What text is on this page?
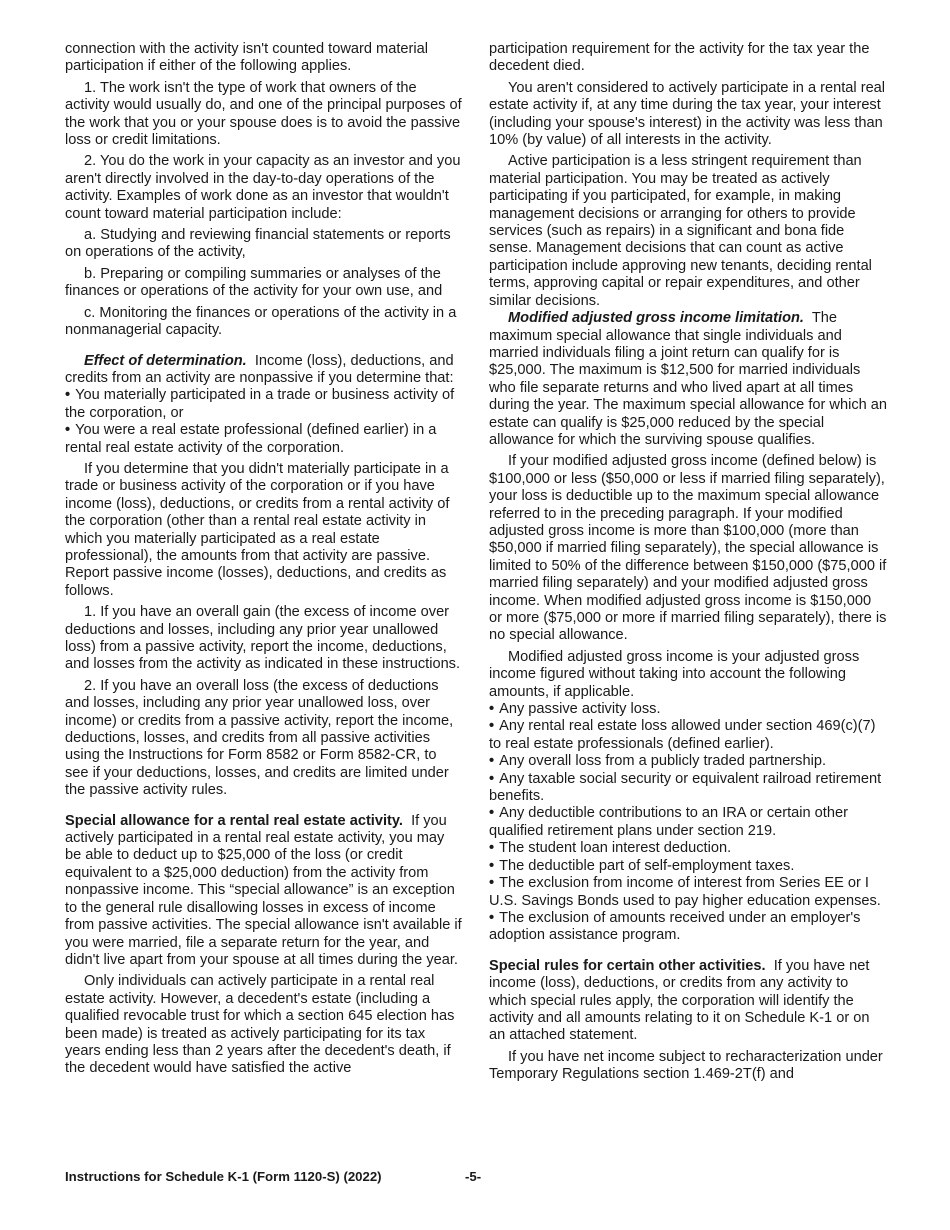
connection with the activity isn't counted toward material participation if either of the following applies.

1. The work isn't the type of work that owners of the activity would usually do, and one of the principal purposes of the work that you or your spouse does is to avoid the passive loss or credit limitations.

2. You do the work in your capacity as an investor and you aren't directly involved in the day-to-day operations of the activity. Examples of work done as an investor that wouldn't count toward material participation include:

a. Studying and reviewing financial statements or reports on operations of the activity,

b. Preparing or compiling summaries or analyses of the finances or operations of the activity for your own use, and

c. Monitoring the finances or operations of the activity in a nonmanagerial capacity.

Effect of determination. Income (loss), deductions, and credits from an activity are nonpassive if you determine that:

• You materially participated in a trade or business activity of the corporation, or

• You were a real estate professional (defined earlier) in a rental real estate activity of the corporation.

If you determine that you didn't materially participate in a trade or business activity of the corporation or if you have income (loss), deductions, or credits from a rental activity of the corporation (other than a rental real estate activity in which you materially participated as a real estate professional), the amounts from that activity are passive. Report passive income (losses), deductions, and credits as follows.

1. If you have an overall gain (the excess of income over deductions and losses, including any prior year unallowed loss) from a passive activity, report the income, deductions, and losses from the activity as indicated in these instructions.

2. If you have an overall loss (the excess of deductions and losses, including any prior year unallowed loss, over income) or credits from a passive activity, report the income, deductions, losses, and credits from all passive activities using the Instructions for Form 8582 or Form 8582-CR, to see if your deductions, losses, and credits are limited under the passive activity rules.

Special allowance for a rental real estate activity. If you actively participated in a rental real estate activity, you may be able to deduct up to $25,000 of the loss (or credit equivalent to a $25,000 deduction) from the activity from nonpassive income. This “special allowance” is an exception to the general rule disallowing losses in excess of income from passive activities. The special allowance isn't available if you were married, file a separate return for the year, and didn't live apart from your spouse at all times during the year.

Only individuals can actively participate in a rental real estate activity. However, a decedent's estate (including a qualified revocable trust for which a section 645 election has been made) is treated as actively participating for its tax years ending less than 2 years after the decedent's death, if the decedent would have satisfied the active

participation requirement for the activity for the tax year the decedent died.

You aren't considered to actively participate in a rental real estate activity if, at any time during the tax year, your interest (including your spouse's interest) in the activity was less than 10% (by value) of all interests in the activity.

Active participation is a less stringent requirement than material participation. You may be treated as actively participating if you participated, for example, in making management decisions or arranging for others to provide services (such as repairs) in a significant and bona fide sense. Management decisions that can count as active participation include approving new tenants, deciding rental terms, approving capital or repair expenditures, and other similar decisions.

Modified adjusted gross income limitation. The maximum special allowance that single individuals and married individuals filing a joint return can qualify for is $25,000. The maximum is $12,500 for married individuals who file separate returns and who lived apart at all times during the year. The maximum special allowance for which an estate can qualify is $25,000 reduced by the special allowance for which the surviving spouse qualifies.

If your modified adjusted gross income (defined below) is $100,000 or less ($50,000 or less if married filing separately), your loss is deductible up to the maximum special allowance referred to in the preceding paragraph. If your modified adjusted gross income is more than $100,000 (more than $50,000 if married filing separately), the special allowance is limited to 50% of the difference between $150,000 ($75,000 if married filing separately) and your modified adjusted gross income. When modified adjusted gross income is $150,000 or more ($75,000 or more if married filing separately), there is no special allowance.

Modified adjusted gross income is your adjusted gross income figured without taking into account the following amounts, if applicable.

• Any passive activity loss.

• Any rental real estate loss allowed under section 469(c)(7) to real estate professionals (defined earlier).

• Any overall loss from a publicly traded partnership.

• Any taxable social security or equivalent railroad retirement benefits.

• Any deductible contributions to an IRA or certain other qualified retirement plans under section 219.

• The student loan interest deduction.

• The deductible part of self-employment taxes.

• The exclusion from income of interest from Series EE or I U.S. Savings Bonds used to pay higher education expenses.

• The exclusion of amounts received under an employer's adoption assistance program.

Special rules for certain other activities. If you have net income (loss), deductions, or credits from any activity to which special rules apply, the corporation will identify the activity and all amounts relating to it on Schedule K-1 or on an attached statement.

If you have net income subject to recharacterization under Temporary Regulations section 1.469-2T(f) and

Instructions for Schedule K-1 (Form 1120-S) (2022)	-5-
